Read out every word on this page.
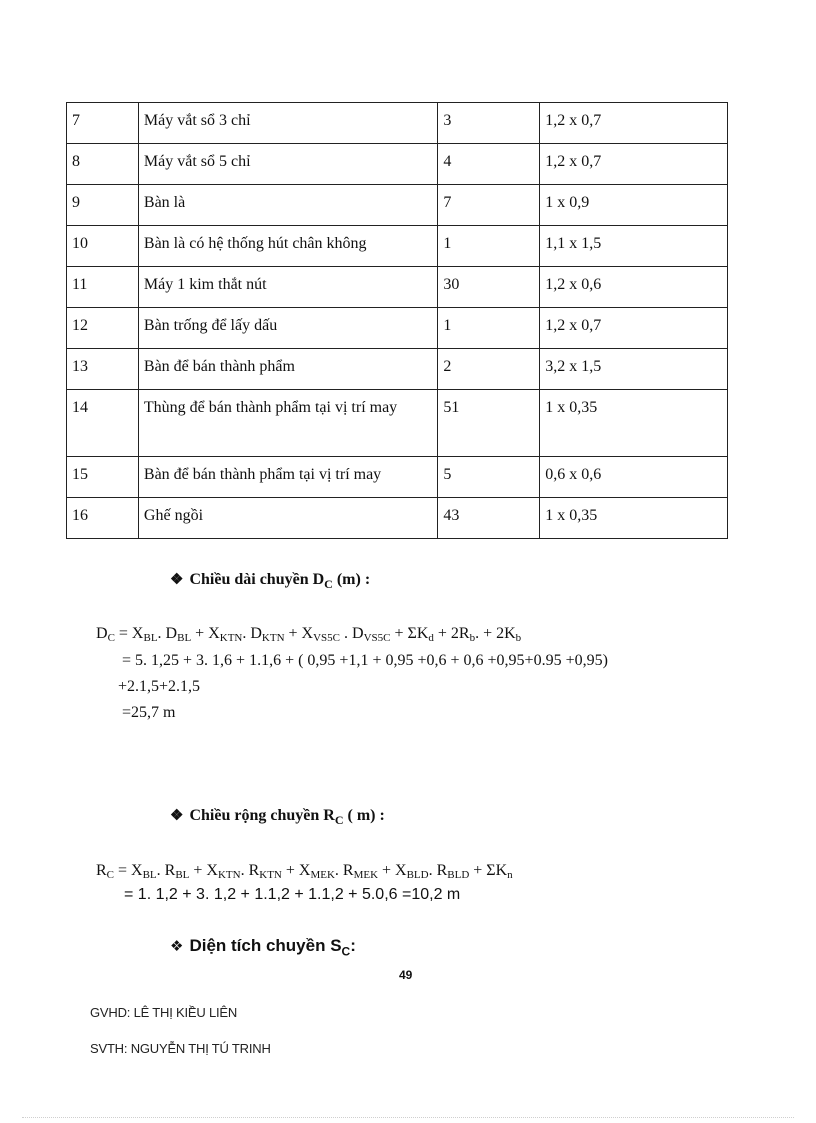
7	Máy vắt sổ 3 chỉ	3	1,2 x 0,7
8	Máy vắt sổ 5 chỉ	4	1,2 x 0,7
9	Bàn là	7	1 x 0,9
10	Bàn là có hệ thống hút chân không	1	1,1 x 1,5
11	Máy 1 kim thắt nút	30	1,2 x 0,6
12	Bàn trống để lấy dấu	1	1,2 x 0,7
13	Bàn để bán thành phẩm	2	3,2 x 1,5
14	Thùng để bán thành phẩm tại vị trí may	51	1 x 0,35
15	Bàn để bán thành phẩm tại vị trí may	5	0,6 x 0,6
16	Ghế ngồi	43	1 x 0,35
❖ Chiều dài chuyền $D_C$ (m) :
$D_C = X_{BL}$. $D_{BL} + X_{KTN}$. $D_{KTN} + X_{VS5C}$ . $D_{VS5C} + \Sigma K_d + 2R_b$. + $2K_b$
= 5. 1,25 + 3. 1,6 + 1.1,6 + ( 0,95 +1,1 + 0,95 +0,6 + 0,6 +0,95+0.95 +0,95)
+2.1,5+2.1,5
=25,7 m
❖ Chiều rộng chuyền $R_C$ ( m) :
$R_C = X_{BL}$. $R_{BL} + X_{KTN}$. $R_{KTN} + X_{MEK}$. $R_{MEK} + X_{BLD}$. $R_{BLD} + \Sigma K_n$
= 1. 1,2 + 3. 1,2 + 1.1,2 + 1.1,2 + 5.0,6 =10,2 m
❖ Diện tích chuyền $S_C$:
49
GVHD: LÊ THỊ KIỀU LIÊN
SVTH: NGUYỄN THỊ TÚ TRINH
